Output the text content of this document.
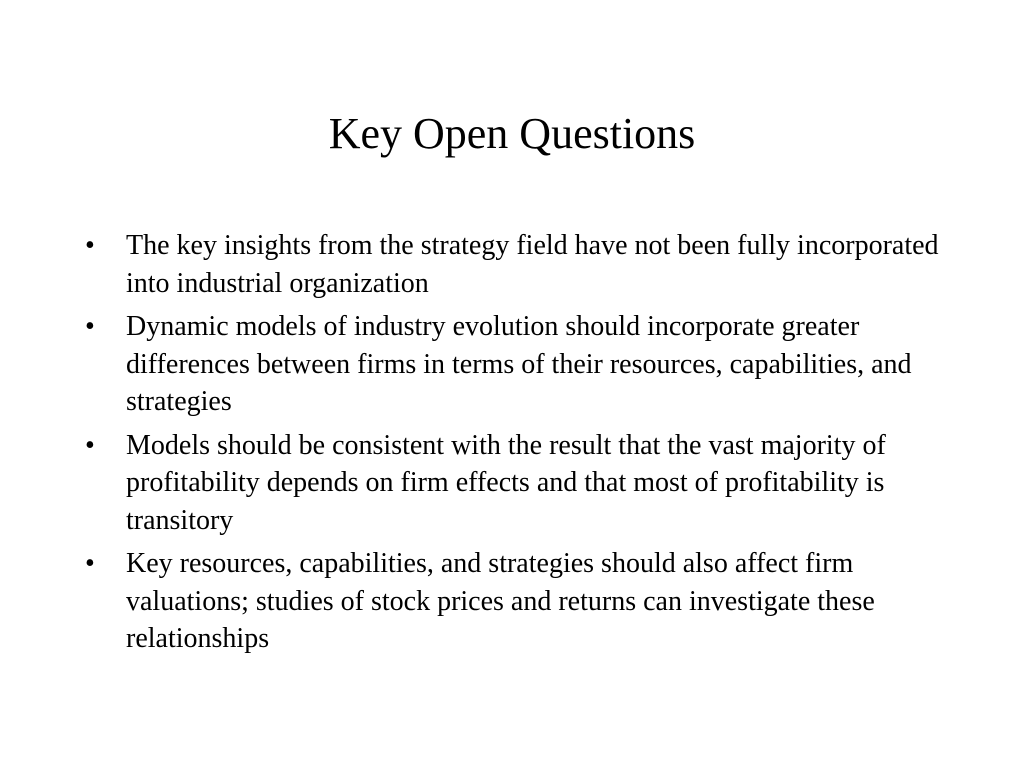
Key Open Questions
• The key insights from the strategy field have not been fully incorporated into industrial organization
• Dynamic models of industry evolution should incorporate greater differences between firms in terms of their resources, capabilities, and strategies
• Models should be consistent with the result that the vast majority of profitability depends on firm effects and that most of profitability is transitory
• Key resources, capabilities, and strategies should also affect firm valuations; studies of stock prices and returns can investigate these relationships
